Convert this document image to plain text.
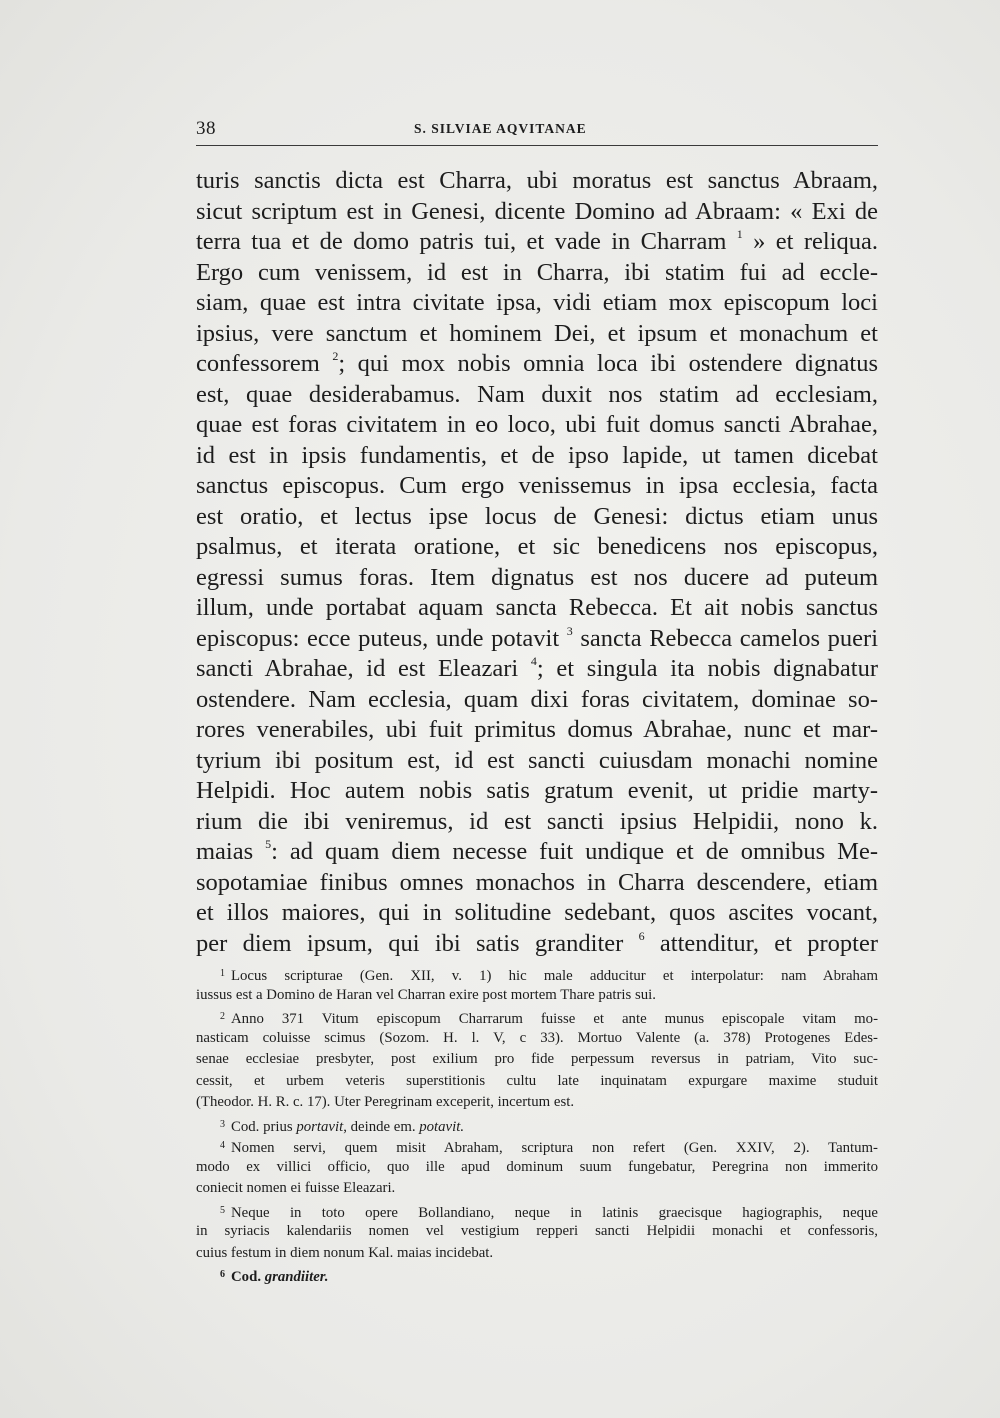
38	S. SILVIAE AQVITANAE
turis sanctis dicta est Charra, ubi moratus est sanctus Abraam,
sicut scriptum est in Genesi, dicente Domino ad Abraam: « Exi de
terra tua et de domo patris tui, et vade in Charram $^1$ » et reliqua.
Ergo cum venissem, id est in Charra, ibi statim fui ad eccle-
siam, quae est intra civitate ipsa, vidi etiam mox episcopum loci
ipsius, vere sanctum et hominem Dei, et ipsum et monachum et
confessorem $^2$; qui mox nobis omnia loca ibi ostendere dignatus
est, quae desiderabamus. Nam duxit nos statim ad ecclesiam,
quae est foras civitatem in eo loco, ubi fuit domus sancti Abrahae,
id est in ipsis fundamentis, et de ipso lapide, ut tamen dicebat
sanctus episcopus. Cum ergo venissemus in ipsa ecclesia, facta
est oratio, et lectus ipse locus de Genesi: dictus etiam unus
psalmus, et iterata oratione, et sic benedicens nos episcopus,
egressi sumus foras. Item dignatus est nos ducere ad puteum
illum, unde portabat aquam sancta Rebecca. Et ait nobis sanctus
episcopus: ecce puteus, unde potavit $^3$ sancta Rebecca camelos pueri
sancti Abrahae, id est Eleazari $^4$; et singula ita nobis dignabatur
ostendere. Nam ecclesia, quam dixi foras civitatem, dominae so-
rores venerabiles, ubi fuit primitus domus Abrahae, nunc et mar-
tyrium ibi positum est, id est sancti cuiusdam monachi nomine
Helpidi. Hoc autem nobis satis gratum evenit, ut pridie marty-
rium die ibi veniremus, id est sancti ipsius Helpidii, nono k.
maias $^5$: ad quam diem necesse fuit undique et de omnibus Me-
sopotamiae finibus omnes monachos in Charra descendere, etiam
et illos maiores, qui in solitudine sedebant, quos ascites vocant,
per diem ipsum, qui ibi satis granditer $^6$ attenditur, et propter
$^1$ Locus scripturae (Gen. XII, v. 1) hic male adducitur et interpolatur: nam Abraham
iussus est a Domino de Haran vel Charran exire post mortem Thare patris sui.
$^2$ Anno 371 Vitum episcopum Charrarum fuisse et ante munus episcopale vitam mo-
nasticam coluisse scimus (Sozom. H. l. V, c 33). Mortuo Valente (a. 378) Protogenes Edes-
senae ecclesiae presbyter, post exilium pro fide perpessum reversus in patriam, Vito suc-
cessit, et urbem veteris superstitionis cultu late inquinatam expurgare maxime studuit
(Theodor. H. R. c. 17). Uter Peregrinam exceperit, incertum est.
$^3$ Cod. prius portavit, deinde em. potavit.
$^4$ Nomen servi, quem misit Abraham, scriptura non refert (Gen. XXIV, 2). Tantum-
modo ex villici officio, quo ille apud dominum suum fungebatur, Peregrina non immerito
coniecit nomen ei fuisse Eleazari.
$^5$ Neque in toto opere Bollandiano, neque in latinis graecisque hagiographis, neque
in syriacis kalendariis nomen vel vestigium repperi sancti Helpidii monachi et confessoris,
cuius festum in diem nonum Kal. maias incidebat.
$^6$ Cod. grandiiter.
